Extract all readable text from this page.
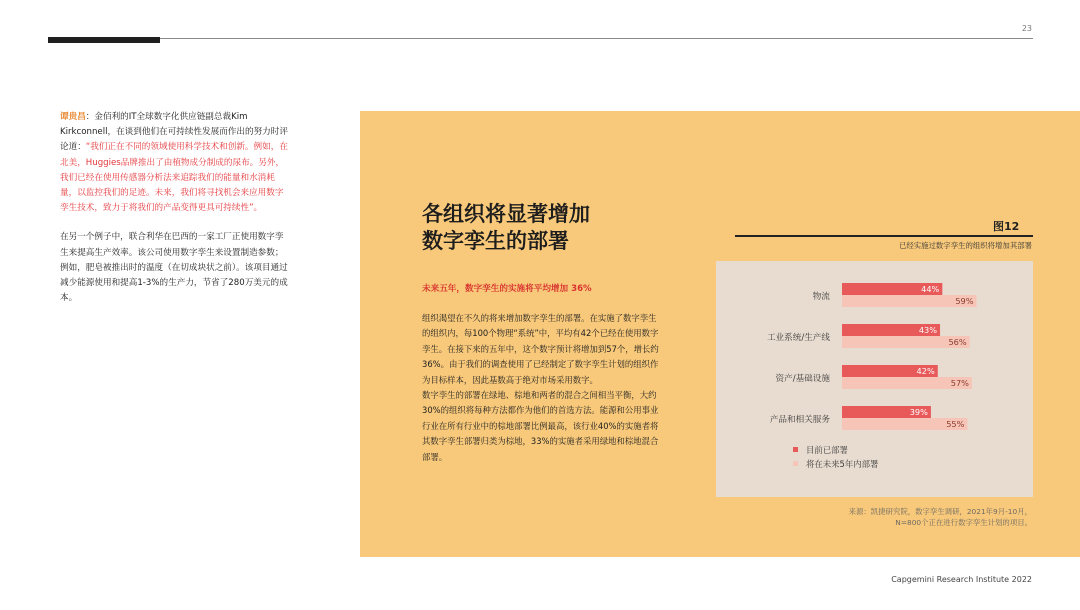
23

谭贵昌：金佰利的IT全球数字化供应链副总裁Kim Kirkconnell，在谈到他们在可持续性发展而作出的努力时评论道：“我们正在不同的领域使用科学技术和创新。例如，在北美，Huggies品牌推出了由植物成分制成的尿布。另外，我们已经在使用传感器分析法来追踪我们的能量和水消耗量，以监控我们的足迹。未来，我们将寻找机会来应用数字孪生技术，致力于将我们的产品变得更具可持续性”。

在另一个例子中，联合利华在巴西的一家工厂正使用数字孪生来提高生产效率。该公司使用数字孪生来设置制造参数；例如，肥皂被推出时的温度（在切成块状之前）。该项目通过减少能源使用和提高1-3%的生产力，节省了280万美元的成本。

各组织将显著增加
数字孪生的部署
未来五年，数字孪生的实施将平均增加 36%
组织渴望在不久的将来增加数字孪生的部署。在实施了数字孪生的组织内，每100个物理“系统”中，平均有42个已经在使用数字孪生。在接下来的五年中，这个数字预计将增加到57个，增长约 36%。由于我们的调查使用了已经制定了数字孪生计划的组织作为目标样本，因此基数高于绝对市场采用数字。
数字孪生的部署在绿地、棕地和两者的混合之间相当平衡，大约30%的组织将每种方法都作为他们的首选方法。能源和公用事业行业在所有行业中的棕地部署比例最高，该行业40%的实施者将其数字孪生部署归类为棕地，33%的实施者采用绿地和棕地混合部署。
图12
已经实施过数字孪生的组织将增加其部署
物流
44%
59%
工业系统/生产线
43%
56%
资产/基础设施
42%
57%
产品和相关服务
39%
55%
目前已部署
将在未来5年内部署
来源：凯捷研究院，数字孪生调研，2021年9月-10月，
N=800个正在进行数字孪生计划的项目。
Capgemini Research Institute 2022
